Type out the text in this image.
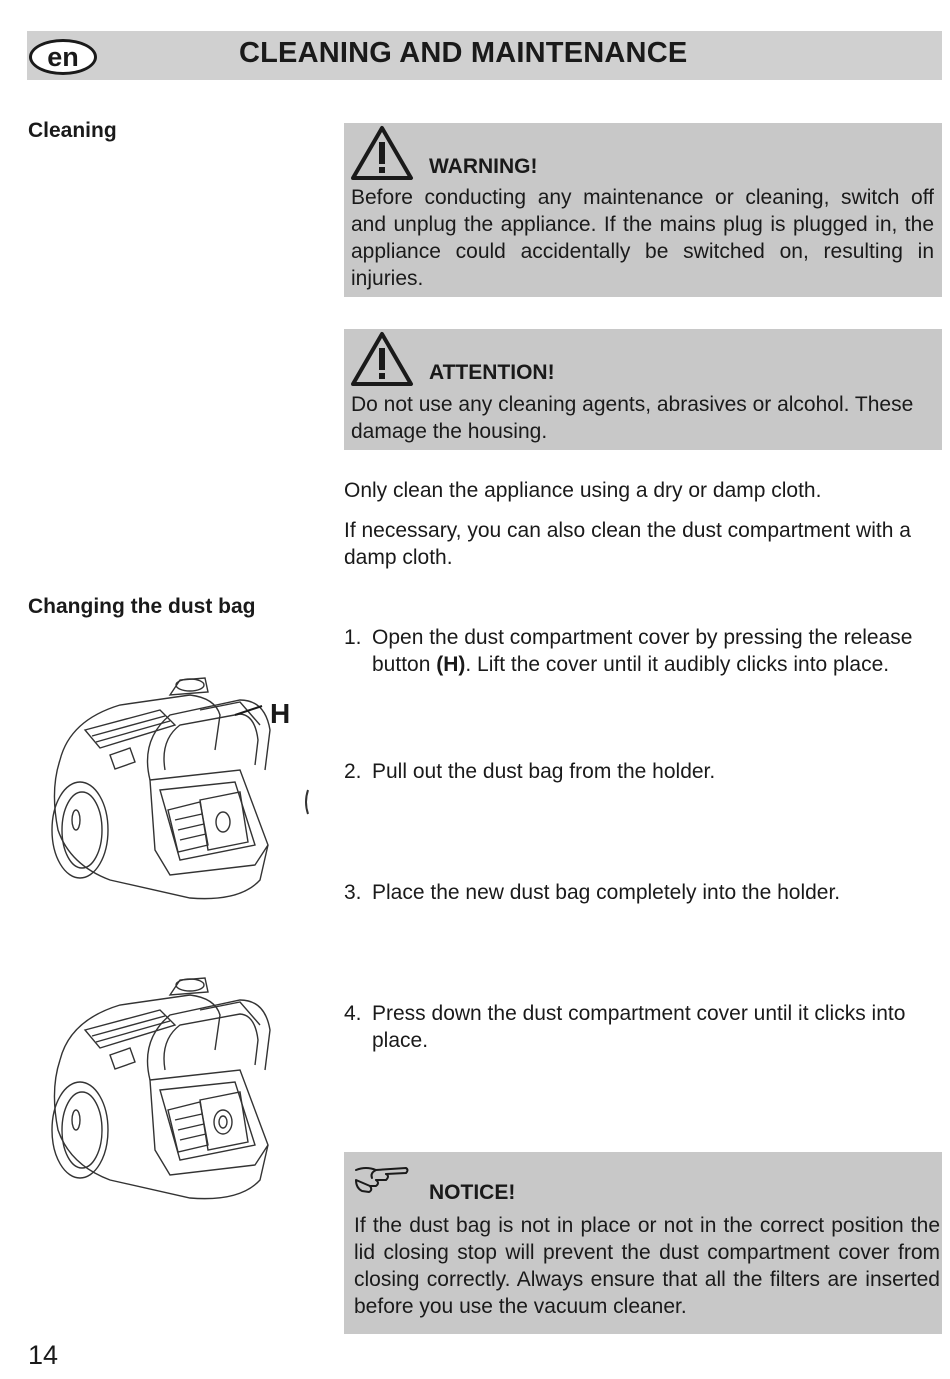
en	CLEANING AND MAINTENANCE
Cleaning
WARNING!
Before conducting any maintenance or cleaning, switch off and unplug the appliance. If the mains plug is plugged in, the appliance could accidentally be switched on, resulting in injuries.
ATTENTION!
Do not use any cleaning agents, abrasives or alcohol. These damage the housing.
Only clean the appliance using a dry or damp cloth.
If necessary, you can also clean the dust compartment with a damp cloth.
Changing the dust bag
1. Open the dust compartment cover by pressing the release button (H). Lift the cover until it audibly clicks into place.
2. Pull out the dust bag from the holder.
3. Place the new dust bag completely into the holder.
4. Press down the dust compartment cover until it clicks into place.
H
NOTICE!
If the dust bag is not in place or not in the correct position the lid closing stop will prevent the dust compartment cover from closing correctly. Always ensure that all the filters are inserted before you use the vacuum cleaner.
14
